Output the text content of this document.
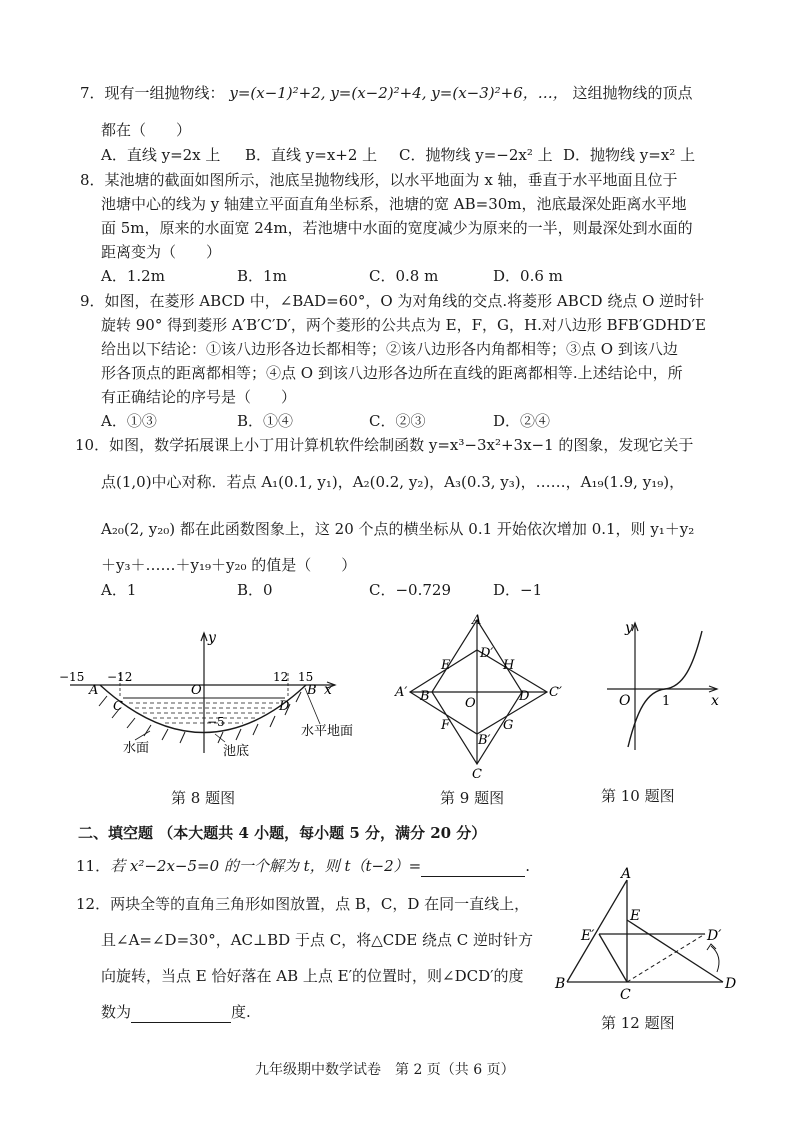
7．现有一组抛物线： y=(x−1)²+2, y=(x−2)²+4, y=(x−3)²+6，…， 这组抛物线的顶点
都在（　　）
A．直线 y=2x 上 B．直线 y=x+2 上 C．抛物线 y=−2x² 上 D．抛物线 y=x² 上
8．某池塘的截面如图所示，池底呈抛物线形，以水平地面为 x 轴，垂直于水平地面且位于
池塘中心的线为 y 轴建立平面直角坐标系，池塘的宽 AB=30m，池底最深处距离水平地
面 5m，原来的水面宽 24m，若池塘中水面的宽度减少为原来的一半，则最深处到水面的
距离变为（　　）
A．1.2m	B．1m	C．0.8 m	D．0.6 m
9．如图，在菱形 ABCD 中，∠BAD=60°，O 为对角线的交点.将菱形 ABCD 绕点 O 逆时针
旋转 90° 得到菱形 A′B′C′D′，两个菱形的公共点为 E，F，G，H.对八边形 BFB′GDHD′E
给出以下结论：①该八边形各边长都相等；②该八边形各内角都相等；③点 O 到该八边
形各顶点的距离都相等；④点 O 到该八边形各边所在直线的距离都相等.上述结论中，所
有正确结论的序号是（　　）
A．①③	B．①④	C．②③	D．②④
10．如图，数学拓展课上小丁用计算机软件绘制函数 y=x³−3x²+3x−1 的图象，发现它关于
点(1,0)中心对称．若点 A₁(0.1, y₁)，A₂(0.2, y₂)，A₃(0.3, y₃)，……，A₁₉(1.9, y₁₉)，
A₂₀(2, y₂₀) 都在此函数图象上，这 20 个点的横坐标从 0.1 开始依次增加 0.1，则 y₁＋y₂
＋y₃＋……＋y₁₉＋y₂₀ 的值是（　　）
A．1	B．0	C．−0.729	D．−1
y
x
O
−15 −12	12 15
A	B
C	D
−5
水面	池底
水平地面
第 8 题图
A
C
B	D
A′	C′
D′
B′
E	H
F	G
O
第 9 题图
y
x
O 1
第 10 题图
二、填空题 （本大题共 4 小题，每小题 5 分，满分 20 分）
11．若 x²−2x−5=0 的一个解为 t，则 t（t−2）=	.
12．两块全等的直角三角形如图放置，点 B，C，D 在同一直线上，
且∠A=∠D=30°，AC⊥BD 于点 C，将△CDE 绕点 C 逆时针方
向旋转，当点 E 恰好落在 AB 上点 E′的位置时，则∠DCD′的度
数为	度.
A
B
C
D
E
E′	D′
第 12 题图
九年级期中数学试卷　第 2 页（共 6 页）
